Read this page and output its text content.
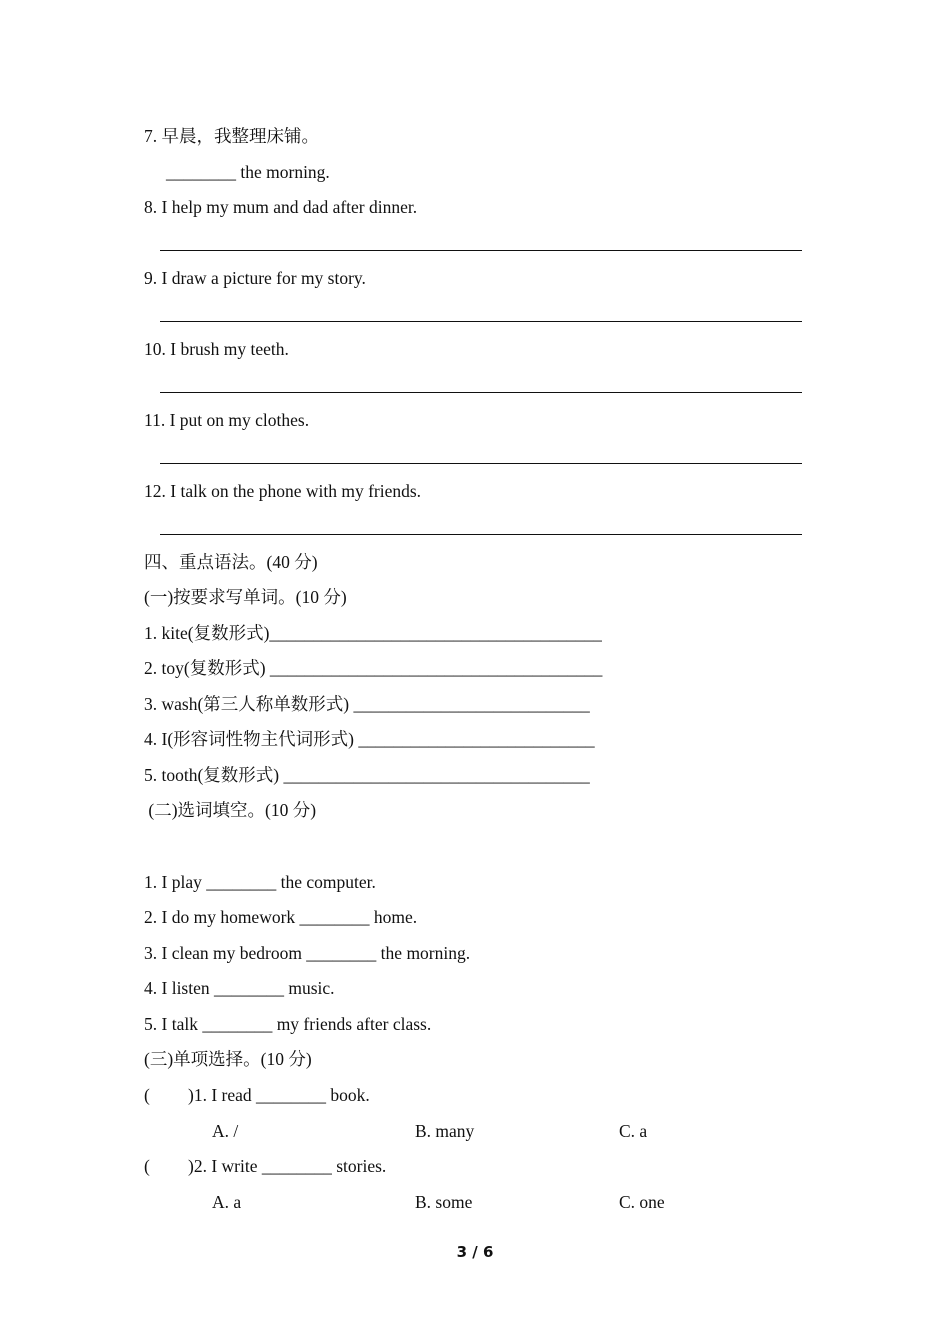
7. 早晨，我整理床铺。
________ the morning.
8. I help my mum and dad after dinner.
9. I draw a picture for my story.
10. I brush my teeth.
11. I put on my clothes.
12. I talk on the phone with my friends.
四、重点语法。(40 分)
(一)按要求写单词。(10 分)
1. kite(复数形式)______________________________________
2. toy(复数形式) ______________________________________
3. wash(第三人称单数形式) ___________________________
4. I(形容词性物主代词形式) ___________________________
5. tooth(复数形式) ___________________________________
(二)选词填空。(10 分)
1. I play ________ the computer.
2. I do my homework ________ home.
3. I clean my bedroom ________ the morning.
4. I listen ________ music.
5. I talk ________ my friends after class.
(三)单项选择。(10 分)
( )1. I read ________ book.
A. /	B. many	C. a
( )2. I write ________ stories.
A. a	B. some	C. one
3 / 6
